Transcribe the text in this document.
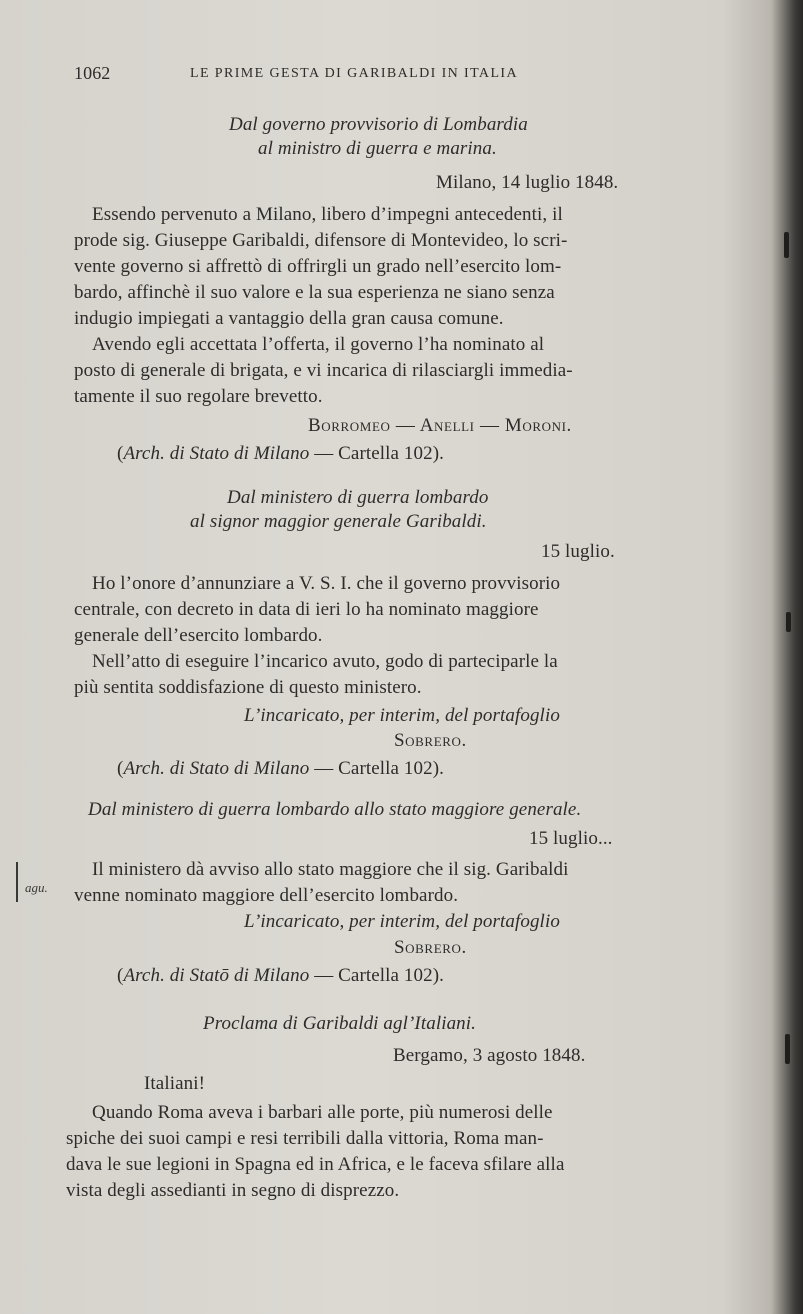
1062	LE PRIME GESTA DI GARIBALDI IN ITALIA
Dal governo provvisorio di Lombardia
al ministro di guerra e marina.
Milano, 14 luglio 1848.
Essendo pervenuto a Milano, libero d’impegni antecedenti, il
prode sig. Giuseppe Garibaldi, difensore di Montevideo, lo scri-
vente governo si affrettò di offrirgli un grado nell’esercito lom-
bardo, affinchè il suo valore e la sua esperienza ne siano senza
indugio impiegati a vantaggio della gran causa comune.
Avendo egli accettata l’offerta, il governo l’ha nominato al
posto di generale di brigata, e vi incarica di rilasciargli immedia-
tamente il suo regolare brevetto.
Borromeo — Anelli — Moroni.
(Arch. di Stato di Milano — Cartella 102).
Dal ministero di guerra lombardo
al signor maggior generale Garibaldi.
15 luglio.
Ho l’onore d’annunziare a V. S. I. che il governo provvisorio
centrale, con decreto in data di ieri lo ha nominato maggiore
generale dell’esercito lombardo.
Nell’atto di eseguire l’incarico avuto, godo di parteciparle la
più sentita soddisfazione di questo ministero.
L’incaricato, per interim, del portafoglio
Sobrero.
(Arch. di Stato di Milano — Cartella 102).
Dal ministero di guerra lombardo allo stato maggiore generale.
15 luglio...
Il ministero dà avviso allo stato maggiore che il sig. Garibaldi
venne nominato maggiore dell’esercito lombardo.
L’incaricato, per interim, del portafoglio
Sobrero.
(Arch. di Statō di Milano — Cartella 102).
Proclama di Garibaldi agl’Italiani.
Bergamo, 3 agosto 1848.
Italiani!
Quando Roma aveva i barbari alle porte, più numerosi delle
spiche dei suoi campi e resi terribili dalla vittoria, Roma man-
dava le sue legioni in Spagna ed in Africa, e le faceva sfilare alla
vista degli assedianti in segno di disprezzo.
agu.
